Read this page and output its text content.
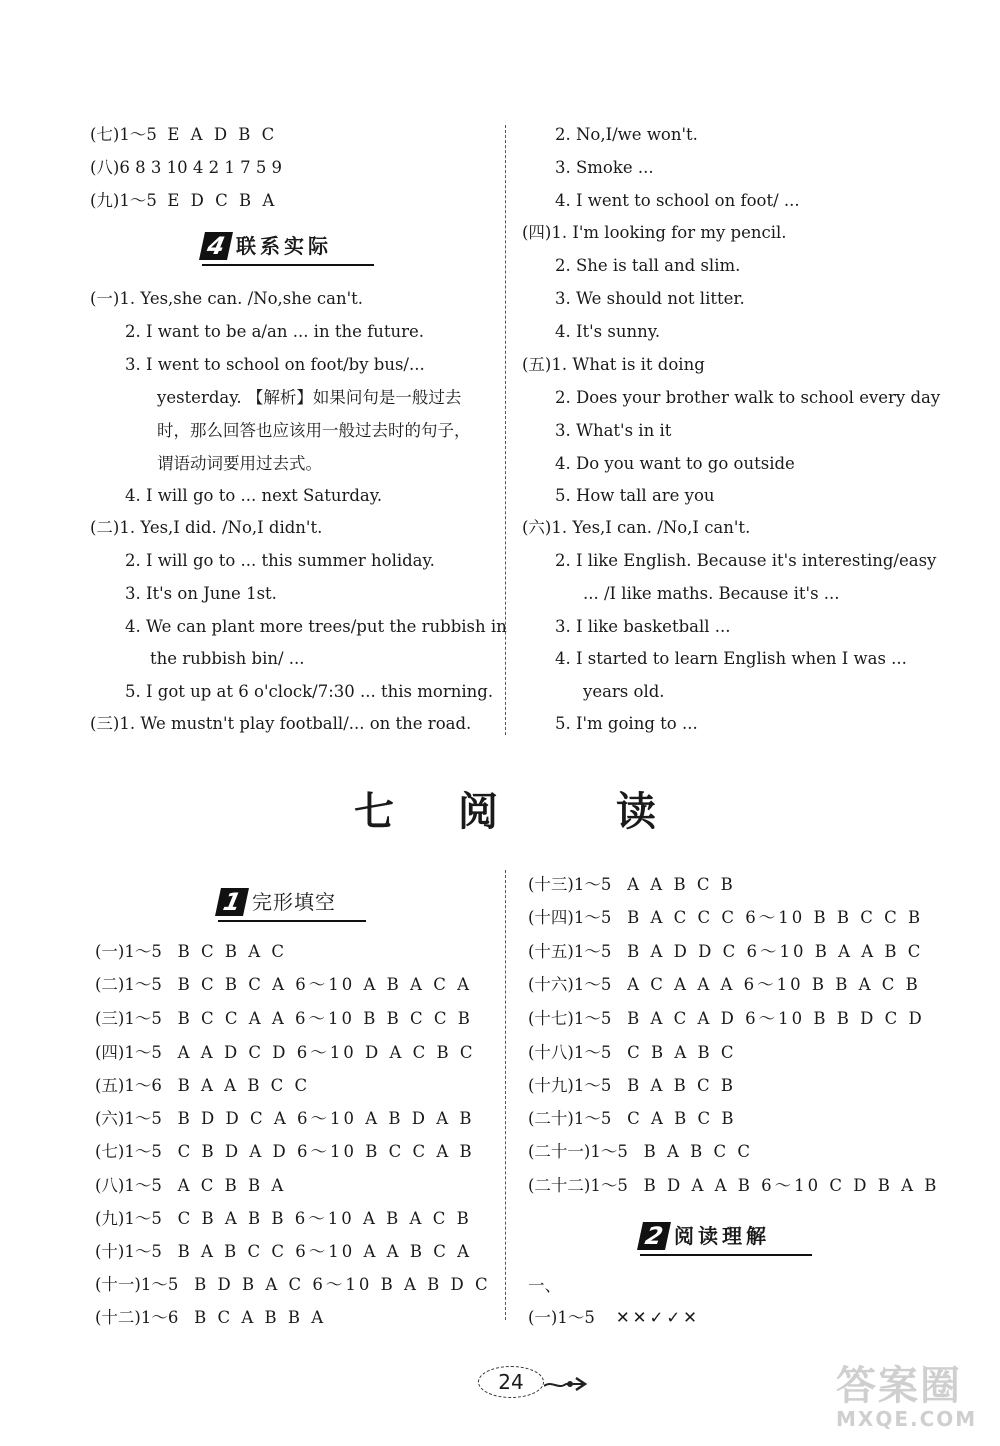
(七)1～5 E A D B C
(八)6 8 3 10 4 2 1 7 5 9
(九)1～5 E D C B A
4 联系实际
(一)1. Yes,she can. /No,she can't.
2. I want to be a/an ... in the future.
3. I went to school on foot/by bus/...
yesterday. 【解析】如果问句是一般过去
时，那么回答也应该用一般过去时的句子，
谓语动词要用过去式。
4. I will go to ... next Saturday.
(二)1. Yes,I did. /No,I didn't.
2. I will go to ... this summer holiday.
3. It's on June 1st.
4. We can plant more trees/put the rubbish in
the rubbish bin/ ...
5. I got up at 6 o'clock/7:30 ... this morning.
(三)1. We mustn't play football/... on the road.
2. No,I/we won't.
3. Smoke ...
4. I went to school on foot/ ...
(四)1. I'm looking for my pencil.
2. She is tall and slim.
3. We should not litter.
4. It's sunny.
(五)1. What is it doing
2. Does your brother walk to school every day
3. What's in it
4. Do you want to go outside
5. How tall are you
(六)1. Yes,I can. /No,I can't.
2. I like English. Because it's interesting/easy
... /I like maths. Because it's ...
3. I like basketball ...
4. I started to learn English when I was ...
years old.
5. I'm going to ...
七 阅	读
1 完形填空
(一)1～5 B C B A C
(二)1～5 B C B C A 6～10 A B A C A
(三)1～5 B C C A A 6～10 B B C C B
(四)1～5 A A D C D 6～10 D A C B C
(五)1～6 B A A B C C
(六)1～5 B D D C A 6～10 A B D A B
(七)1～5 C B D A D 6～10 B C C A B
(八)1～5 A C B B A
(九)1～5 C B A B B 6～10 A B A C B
(十)1～5 B A B C C 6～10 A A B C A
(十一)1～5 B D B A C 6～10 B A B D C
(十二)1～6 B C A B B A
(十三)1～5 A A B C B
(十四)1～5 B A C C C 6～10 B B C C B
(十五)1～5 B A D D C 6～10 B A A B C
(十六)1～5 A C A A A 6～10 B B A C B
(十七)1～5 B A C A D 6～10 B B D C D
(十八)1～5 C B A B C
(十九)1～5 B A B C B
(二十)1～5 C A B C B
(二十一)1～5 B A B C C
(二十二)1～5 B D A A B 6～10 C D B A B
2 阅读理解
一、
(一)1～5 ✕✕✓✓✕
24	答案圈
MXQE.COM
